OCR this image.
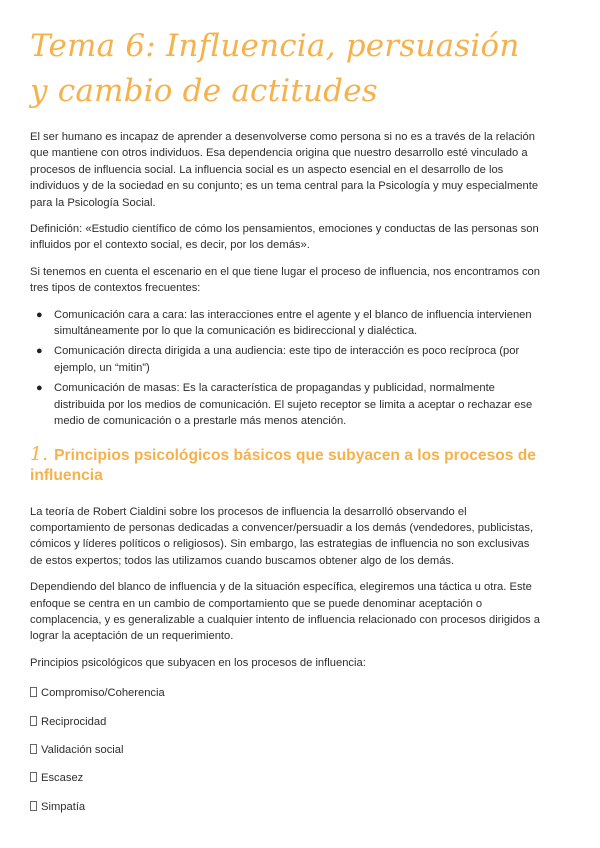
Tema 6: Influencia, persuasión y cambio de actitudes

El ser humano es incapaz de aprender a desenvolverse como persona si no es a través de la relación que mantiene con otros individuos. Esa dependencia origina que nuestro desarrollo esté vinculado a procesos de influencia social. La influencia social es un aspecto esencial en el desarrollo de los individuos y de la sociedad en su conjunto; es un tema central para la Psicología y muy especialmente para la Psicología Social.

Definición: «Estudio científico de cómo los pensamientos, emociones y conductas de las personas son influidos por el contexto social, es decir, por los demás».

Si tenemos en cuenta el escenario en el que tiene lugar el proceso de influencia, nos encontramos con tres tipos de contextos frecuentes:

● Comunicación cara a cara: las interacciones entre el agente y el blanco de influencia intervienen simultáneamente por lo que la comunicación es bidireccional y dialéctica.
● Comunicación directa dirigida a una audiencia: este tipo de interacción es poco recíproca (por ejemplo, un “mitin”)
● Comunicación de masas: Es la característica de propagandas y publicidad, normalmente distribuida por los medios de comunicación. El sujeto receptor se limita a aceptar o rechazar ese medio de comunicación o a prestarle más menos atención.
1. Principios psicológicos básicos que subyacen a los procesos de influencia

La teoría de Robert Cialdini sobre los procesos de influencia la desarrolló observando el comportamiento de personas dedicadas a convencer/persuadir a los demás (vendedores, publicistas, cómicos y líderes políticos o religiosos). Sin embargo, las estrategias de influencia no son exclusivas de estos expertos; todos las utilizamos cuando buscamos obtener algo de los demás.

Dependiendo del blanco de influencia y de la situación específica, elegiremos una táctica u otra. Este enfoque se centra en un cambio de comportamiento que se puede denominar aceptación o complacencia, y es generalizable a cualquier intento de influencia relacionado con procesos dirigidos a lograr la aceptación de un requerimiento.

Principios psicológicos que subyacen en los procesos de influencia:

Compromiso/Coherencia
Reciprocidad
Validación social
Escasez
Simpatía
